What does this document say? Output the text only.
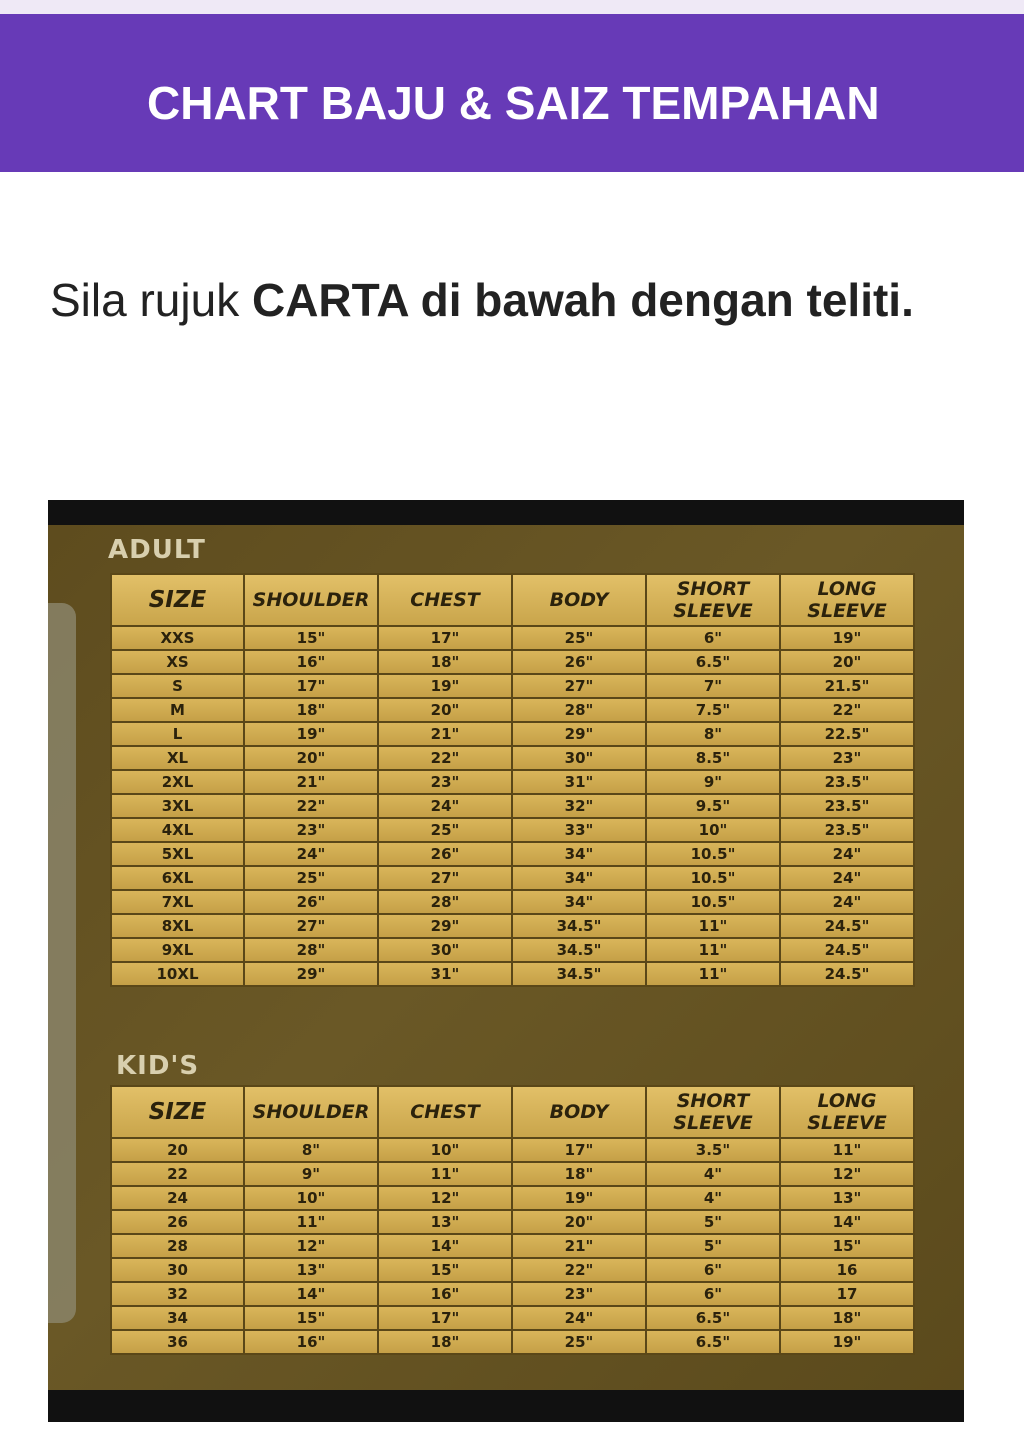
CHART BAJU & SAIZ TEMPAHAN
Sila rujuk CARTA di bawah dengan teliti.
ADULT
SIZE	SHOULDER	CHEST	BODY	SHORT SLEEVE	LONG SLEEVE
XXS	15"	17"	25"	6"	19"
XS	16"	18"	26"	6.5"	20"
S	17"	19"	27"	7"	21.5"
M	18"	20"	28"	7.5"	22"
L	19"	21"	29"	8"	22.5"
XL	20"	22"	30"	8.5"	23"
2XL	21"	23"	31"	9"	23.5"
3XL	22"	24"	32"	9.5"	23.5"
4XL	23"	25"	33"	10"	23.5"
5XL	24"	26"	34"	10.5"	24"
6XL	25"	27"	34"	10.5"	24"
7XL	26"	28"	34"	10.5"	24"
8XL	27"	29"	34.5"	11"	24.5"
9XL	28"	30"	34.5"	11"	24.5"
10XL	29"	31"	34.5"	11"	24.5"
KID'S
SIZE	SHOULDER	CHEST	BODY	SHORT SLEEVE	LONG SLEEVE
20	8"	10"	17"	3.5"	11"
22	9"	11"	18"	4"	12"
24	10"	12"	19"	4"	13"
26	11"	13"	20"	5"	14"
28	12"	14"	21"	5"	15"
30	13"	15"	22"	6"	16
32	14"	16"	23"	6"	17
34	15"	17"	24"	6.5"	18"
36	16"	18"	25"	6.5"	19"
